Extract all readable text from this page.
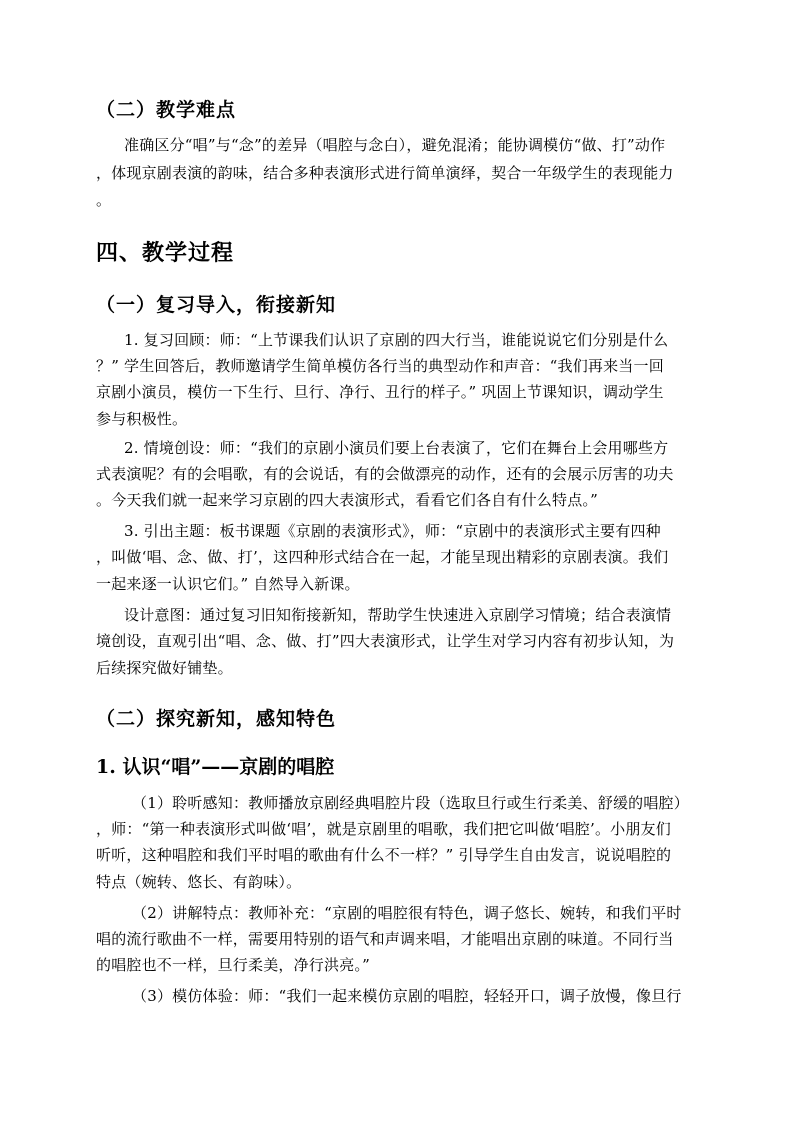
（二）教学难点
准确区分“唱”与“念”的差异（唱腔与念白），避免混淆；能协调模仿“做、打”动作
，体现京剧表演的韵味，结合多种表演形式进行简单演绎，契合一年级学生的表现能力
。
四、教学过程
（一）复习导入，衔接新知
1. 复习回顾：师：“上节课我们认识了京剧的四大行当，谁能说说它们分别是什么
？” 学生回答后，教师邀请学生简单模仿各行当的典型动作和声音：“我们再来当一回
京剧小演员，模仿一下生行、旦行、净行、丑行的样子。” 巩固上节课知识，调动学生
参与积极性。
2. 情境创设：师：“我们的京剧小演员们要上台表演了，它们在舞台上会用哪些方
式表演呢？有的会唱歌，有的会说话，有的会做漂亮的动作，还有的会展示厉害的功夫
。今天我们就一起来学习京剧的四大表演形式，看看它们各自有什么特点。”
3. 引出主题：板书课题《京剧的表演形式》，师：“京剧中的表演形式主要有四种
，叫做‘唱、念、做、打’，这四种形式结合在一起，才能呈现出精彩的京剧表演。我们
一起来逐一认识它们。” 自然导入新课。
设计意图：通过复习旧知衔接新知，帮助学生快速进入京剧学习情境；结合表演情
境创设，直观引出“唱、念、做、打”四大表演形式，让学生对学习内容有初步认知，为
后续探究做好铺垫。
（二）探究新知，感知特色
1. 认识“唱”——京剧的唱腔
（1）聆听感知：教师播放京剧经典唱腔片段（选取旦行或生行柔美、舒缓的唱腔）
，师：“第一种表演形式叫做‘唱’，就是京剧里的唱歌，我们把它叫做‘唱腔’。小朋友们
听听，这种唱腔和我们平时唱的歌曲有什么不一样？” 引导学生自由发言，说说唱腔的
特点（婉转、悠长、有韵味）。
（2）讲解特点：教师补充：“京剧的唱腔很有特色，调子悠长、婉转，和我们平时
唱的流行歌曲不一样，需要用特别的语气和声调来唱，才能唱出京剧的味道。不同行当
的唱腔也不一样，旦行柔美，净行洪亮。”
（3）模仿体验：师：“我们一起来模仿京剧的唱腔，轻轻开口，调子放慢，像旦行
